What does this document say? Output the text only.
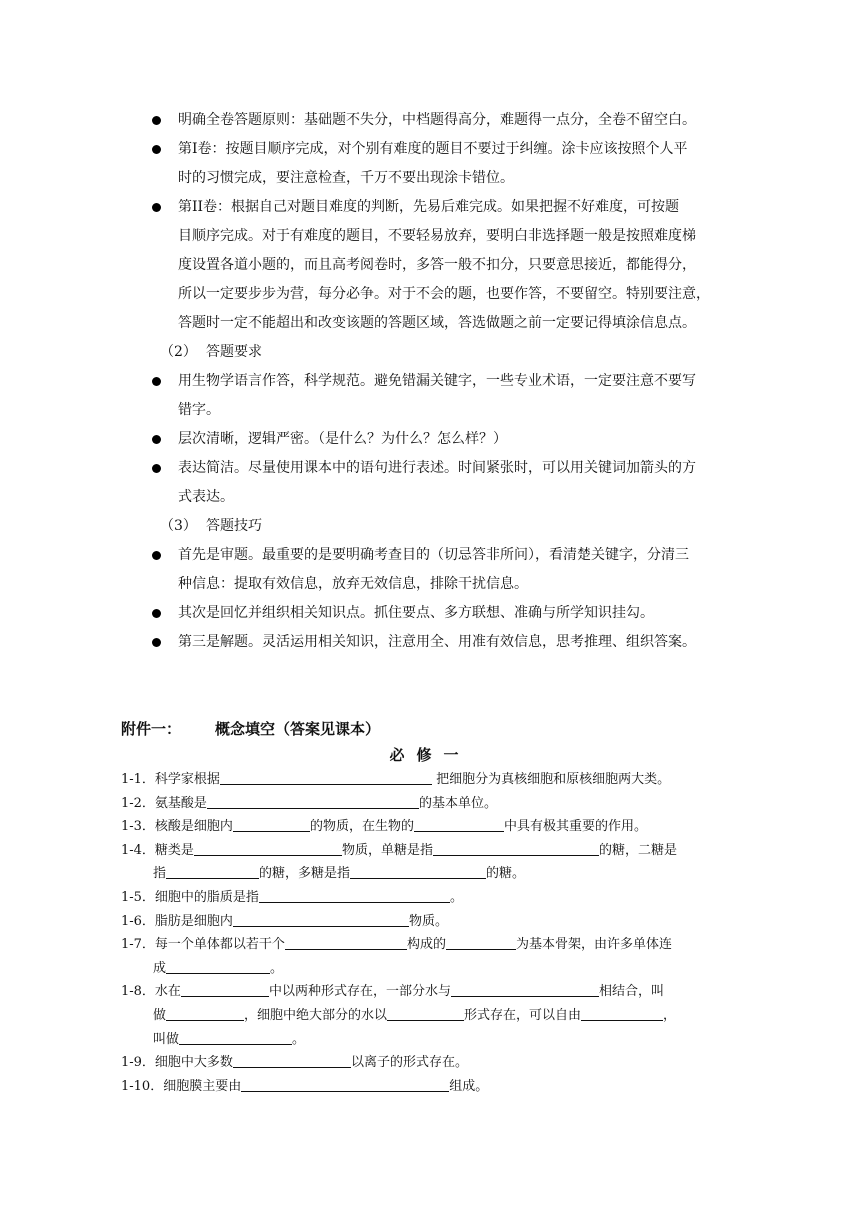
明确全卷答题原则：基础题不失分，中档题得高分，难题得一点分，全卷不留空白。
第Ⅰ卷：按题目顺序完成，对个别有难度的题目不要过于纠缠。涂卡应该按照个人平
时的习惯完成，要注意检查，千万不要出现涂卡错位。
第II卷：根据自己对题目难度的判断，先易后难完成。如果把握不好难度，可按题
目顺序完成。对于有难度的题目，不要轻易放弃，要明白非选择题一般是按照难度梯
度设置各道小题的，而且高考阅卷时，多答一般不扣分，只要意思接近，都能得分，
所以一定要步步为营，每分必争。对于不会的题，也要作答，不要留空。特别要注意，
答题时一定不能超出和改变该题的答题区域，答选做题之前一定要记得填涂信息点。
（2） 答题要求
用生物学语言作答，科学规范。避免错漏关键字，一些专业术语，一定要注意不要写
错字。
层次清晰，逻辑严密。（是什么？为什么？怎么样？）
表达简洁。尽量使用课本中的语句进行表述。时间紧张时，可以用关键词加箭头的方
式表达。
（3） 答题技巧
首先是审题。最重要的是要明确考查目的（切忌答非所问），看清楚关键字，分清三
种信息：提取有效信息，放弃无效信息，排除干扰信息。
其次是回忆并组织相关知识点。抓住要点、多方联想、准确与所学知识挂勾。
第三是解题。灵活运用相关知识，注意用全、用准有效信息，思考推理、组织答案。
附件一： 概念填空（答案见课本）
必修一
1-1．科学家根据	把细胞分为真核细胞和原核细胞两大类。
1-2．氨基酸是	的基本单位。
1-3．核酸是细胞内	的物质，在生物的	中具有极其重要的作用。
1-4．糖类是	物质，单糖是指	的糖，二糖是
指	的糖，多糖是指	的糖。
1-5．细胞中的脂质是指	。
1-6．脂肪是细胞内	物质。
1-7．每一个单体都以若干个	构成的	为基本骨架，由许多单体连
成	。
1-8．水在	中以两种形式存在，一部分水与	相结合，叫
做	，细胞中绝大部分的水以	形式存在，可以自由	，
叫做	。
1-9．细胞中大多数	以离子的形式存在。
1-10．细胞膜主要由	组成。
